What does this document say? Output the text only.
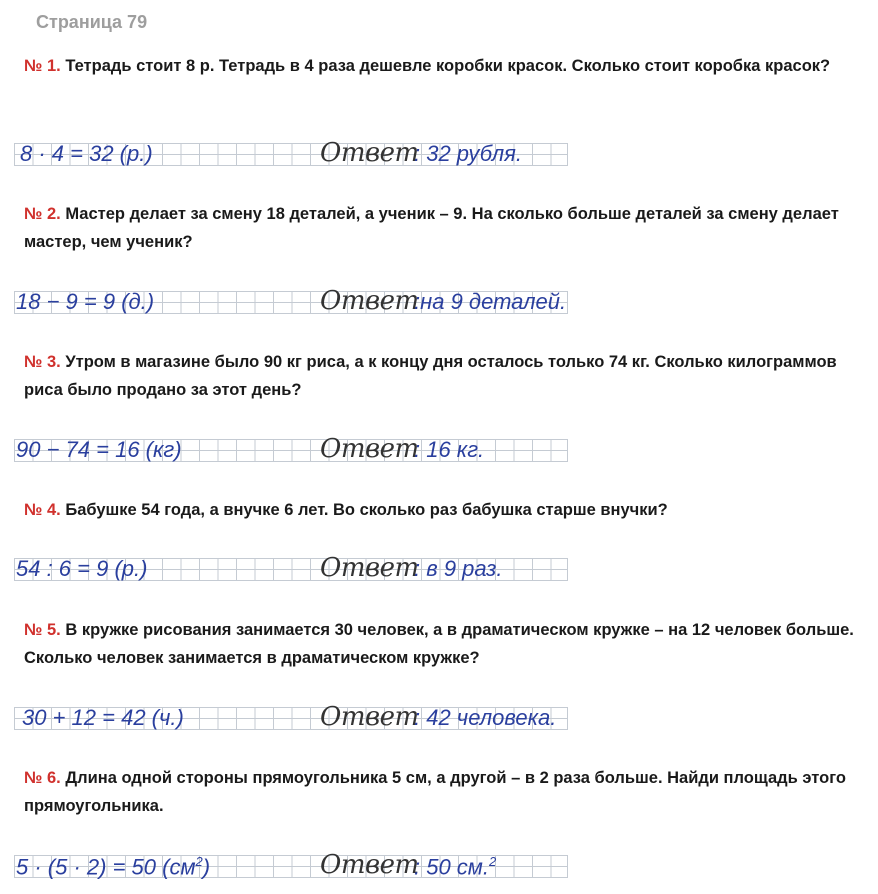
Страница 79
№ 1. Тетрадь стоит 8 р. Тетрадь в 4 раза дешевле коробки красок. Сколько стоит коробка красок?
8 · 4 = 32 (р.)	Ответ
: 32 рубля.
№ 2. Мастер делает за смену 18 деталей, а ученик – 9. На сколько больше деталей за смену делает мастер, чем ученик?
18 − 9 = 9 (д.)	Ответ
:на 9 деталей.
№ 3. Утром в магазине было 90 кг риса, а к концу дня осталось только 74 кг. Сколько килограммов риса было продано за этот день?
90 − 74 = 16 (кг)	Ответ
: 16 кг.
№ 4. Бабушке 54 года, а внучке 6 лет. Во сколько раз бабушка старше внучки?
54 : 6 = 9 (р.)	Ответ
: в 9 раз.
№ 5. В кружке рисования занимается 30 человек, а в драматическом кружке – на 12 человек больше. Сколько человек занимается в драматическом кружке?
30 + 12 = 42 (ч.)	Ответ
: 42 человека.
№ 6. Длина одной стороны прямоугольника 5 см, а другой – в 2 раза больше. Найди площадь этого прямоугольника.
5 · (5 · 2) = 50 $(см^2)$	Ответ
: 50 см.$^2$
